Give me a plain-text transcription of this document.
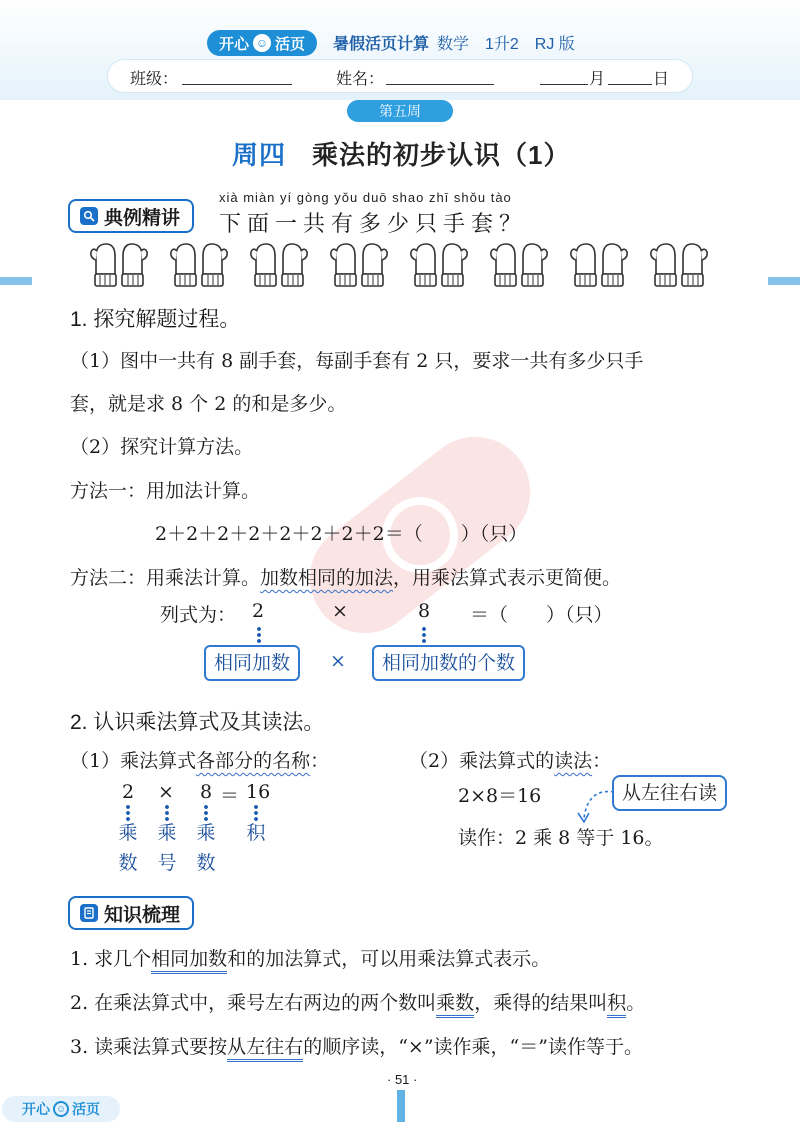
开心 ☺ 活页 暑假活页计算 数学　1升2　RJ 版
班级：	姓名：	月	日
第五周
周四 乘法的初步认识（1）
典例精讲
xià miàn yí gòng yǒu duō shao zhī shǒu tào
下面一共有多少只手套？
1. 探究解题过程。
（1）图中一共有 8 副手套，每副手套有 2 只，要求一共有多少只手
套，就是求 8 个 2 的和是多少。
（2）探究计算方法。
方法一：用加法计算。
2＋2＋2＋2＋2＋2＋2＋2＝（　　）（只）
方法二：用乘法计算。加数相同的加法，用乘法算式表示更简便。
列式为： 2	×	8 ＝（　　）（只）
相同加数	×	相同加数的个数
2. 认识乘法算式及其读法。
（1）乘法算式各部分的名称：
2 × 8 ＝ 16
乘数
乘号
乘数
积
（2）乘法算式的读法：
2×8＝16	从左往右读
读作：2 乘 8 等于 16。
知识梳理
1. 求几个相同加数和的加法算式，可以用乘法算式表示。
2. 在乘法算式中，乘号左右两边的两个数叫乘数，乘得的结果叫积。
3. 读乘法算式要按从左往右的顺序读，“×”读作乘，“＝”读作等于。
· 51 ·
开心 ☺ 活页
